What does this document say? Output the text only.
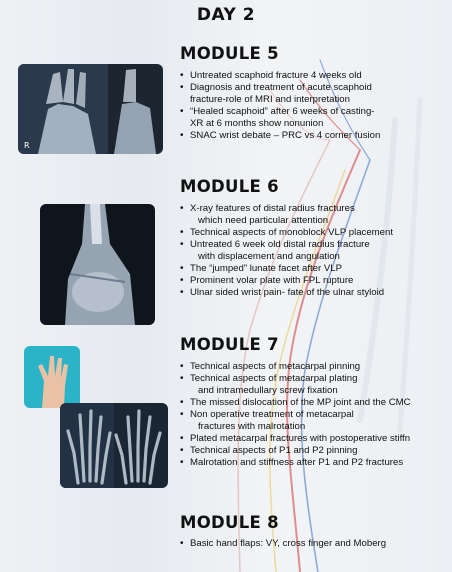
DAY 2
R
MODULE 5
MODULE 6
MODULE 7
MODULE 8
• Untreated scaphoid fracture 4 weeks old
• Diagnosis and treatment of acute scaphoid
fracture-role of MRI and interpretation
• “Healed scaphoid” after 6 weeks of casting-
XR at 6 months show nonunion
• SNAC wrist debate – PRC vs 4 corner fusion
• X-ray features of distal radius fractures
which need particular attention
• Technical aspects of monoblock VLP placement
• Untreated 6 week old distal radius fracture
with displacement and angulation
• The “jumped” lunate facet after VLP
• Prominent volar plate with FPL rupture
• Ulnar sided wrist pain- fate of the ulnar styloid
• Technical aspects of metacarpal pinning
• Technical aspects of metacarpal plating
and intramedullary screw fixation
• The missed dislocation of the MP joint and the CMC
• Non operative treatment of metacarpal
fractures with malrotation
• Plated metacarpal fractures with postoperative stiffn
• Technical aspects of P1 and P2 pinning
• Malrotation and stiffness after P1 and P2 fractures
• Basic hand flaps: VY, cross finger and Moberg
